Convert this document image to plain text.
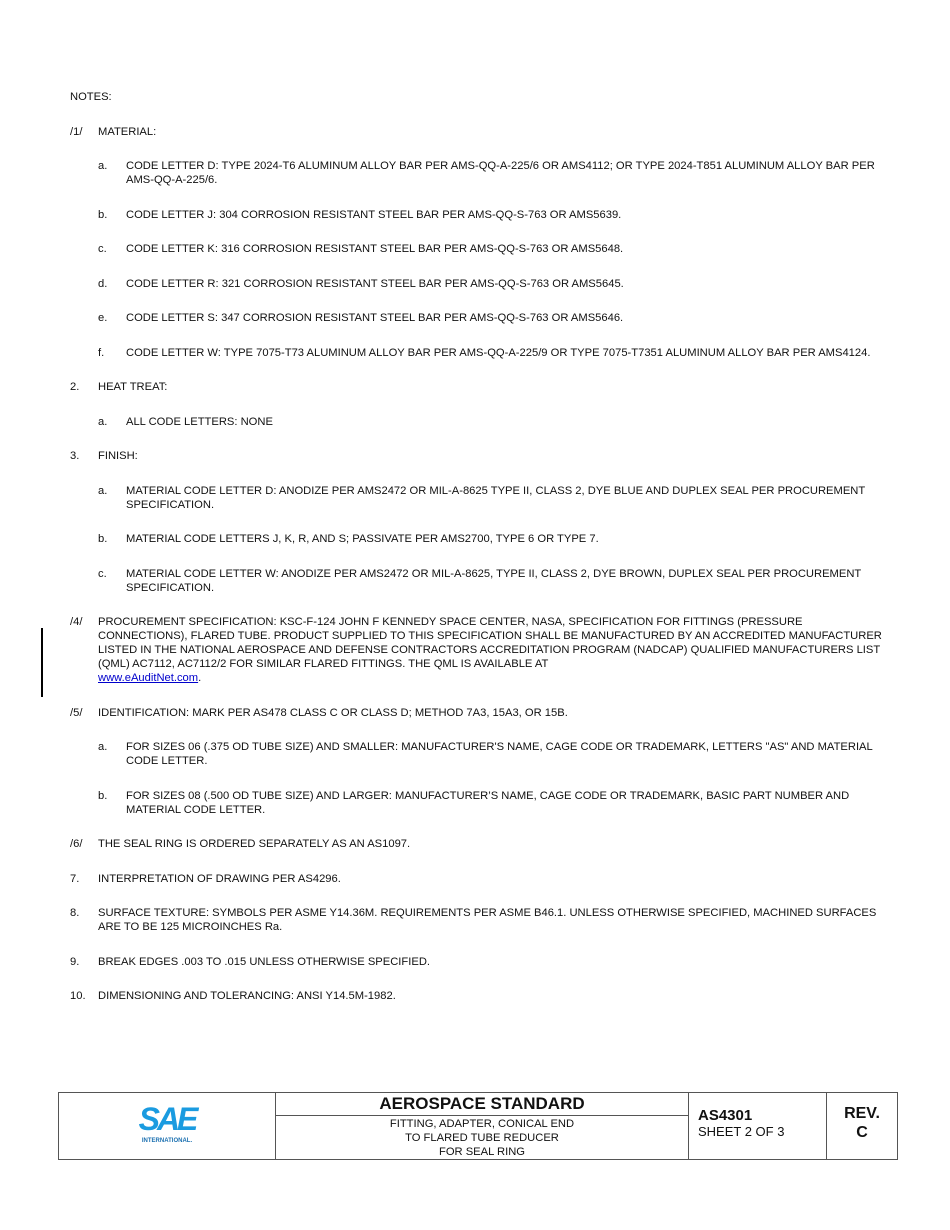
NOTES:
/1/ MATERIAL:
a. CODE LETTER D: TYPE 2024-T6 ALUMINUM ALLOY BAR PER AMS-QQ-A-225/6 OR AMS4112; OR TYPE 2024-T851 ALUMINUM ALLOY BAR PER AMS-QQ-A-225/6.
b. CODE LETTER J: 304 CORROSION RESISTANT STEEL BAR PER AMS-QQ-S-763 OR AMS5639.
c. CODE LETTER K: 316 CORROSION RESISTANT STEEL BAR PER AMS-QQ-S-763 OR AMS5648.
d. CODE LETTER R: 321 CORROSION RESISTANT STEEL BAR PER AMS-QQ-S-763 OR AMS5645.
e. CODE LETTER S: 347 CORROSION RESISTANT STEEL BAR PER AMS-QQ-S-763 OR AMS5646.
f. CODE LETTER W: TYPE 7075-T73 ALUMINUM ALLOY BAR PER AMS-QQ-A-225/9 OR TYPE 7075-T7351 ALUMINUM ALLOY BAR PER AMS4124.
2. HEAT TREAT:
a. ALL CODE LETTERS: NONE
3. FINISH:
a. MATERIAL CODE LETTER D: ANODIZE PER AMS2472 OR MIL-A-8625 TYPE II, CLASS 2, DYE BLUE AND DUPLEX SEAL PER PROCUREMENT SPECIFICATION.
b. MATERIAL CODE LETTERS J, K, R, AND S; PASSIVATE PER AMS2700, TYPE 6 OR TYPE 7.
c. MATERIAL CODE LETTER W: ANODIZE PER AMS2472 OR MIL-A-8625, TYPE II, CLASS 2, DYE BROWN, DUPLEX SEAL PER PROCUREMENT SPECIFICATION.
/4/ PROCUREMENT SPECIFICATION: KSC-F-124 JOHN F KENNEDY SPACE CENTER, NASA, SPECIFICATION FOR FITTINGS (PRESSURE CONNECTIONS), FLARED TUBE. PRODUCT SUPPLIED TO THIS SPECIFICATION SHALL BE MANUFACTURED BY AN ACCREDITED MANUFACTURER LISTED IN THE NATIONAL AEROSPACE AND DEFENSE CONTRACTORS ACCREDITATION PROGRAM (NADCAP) QUALIFIED MANUFACTURERS LIST (QML) AC7112, AC7112/2 FOR SIMILAR FLARED FITTINGS. THE QML IS AVAILABLE AT
www.eAuditNet.com.
/5/ IDENTIFICATION: MARK PER AS478 CLASS C OR CLASS D; METHOD 7A3, 15A3, OR 15B.
a. FOR SIZES 06 (.375 OD TUBE SIZE) AND SMALLER: MANUFACTURER'S NAME, CAGE CODE OR TRADEMARK, LETTERS "AS" AND MATERIAL CODE LETTER.
b. FOR SIZES 08 (.500 OD TUBE SIZE) AND LARGER: MANUFACTURER’S NAME, CAGE CODE OR TRADEMARK, BASIC PART NUMBER AND MATERIAL CODE LETTER.
/6/ THE SEAL RING IS ORDERED SEPARATELY AS AN AS1097.
7. INTERPRETATION OF DRAWING PER AS4296.
8. SURFACE TEXTURE: SYMBOLS PER ASME Y14.36M. REQUIREMENTS PER ASME B46.1. UNLESS OTHERWISE SPECIFIED, MACHINED SURFACES ARE TO BE 125 MICROINCHES Ra.
9. BREAK EDGES .003 TO .015 UNLESS OTHERWISE SPECIFIED.
10. DIMENSIONING AND TOLERANCING: ANSI Y14.5M-1982.
SAE
INTERNATIONAL.
AEROSPACE STANDARD
FITTING, ADAPTER, CONICAL END
TO FLARED TUBE REDUCER
FOR SEAL RING
AS4301
SHEET 2 OF 3
REV.
C
